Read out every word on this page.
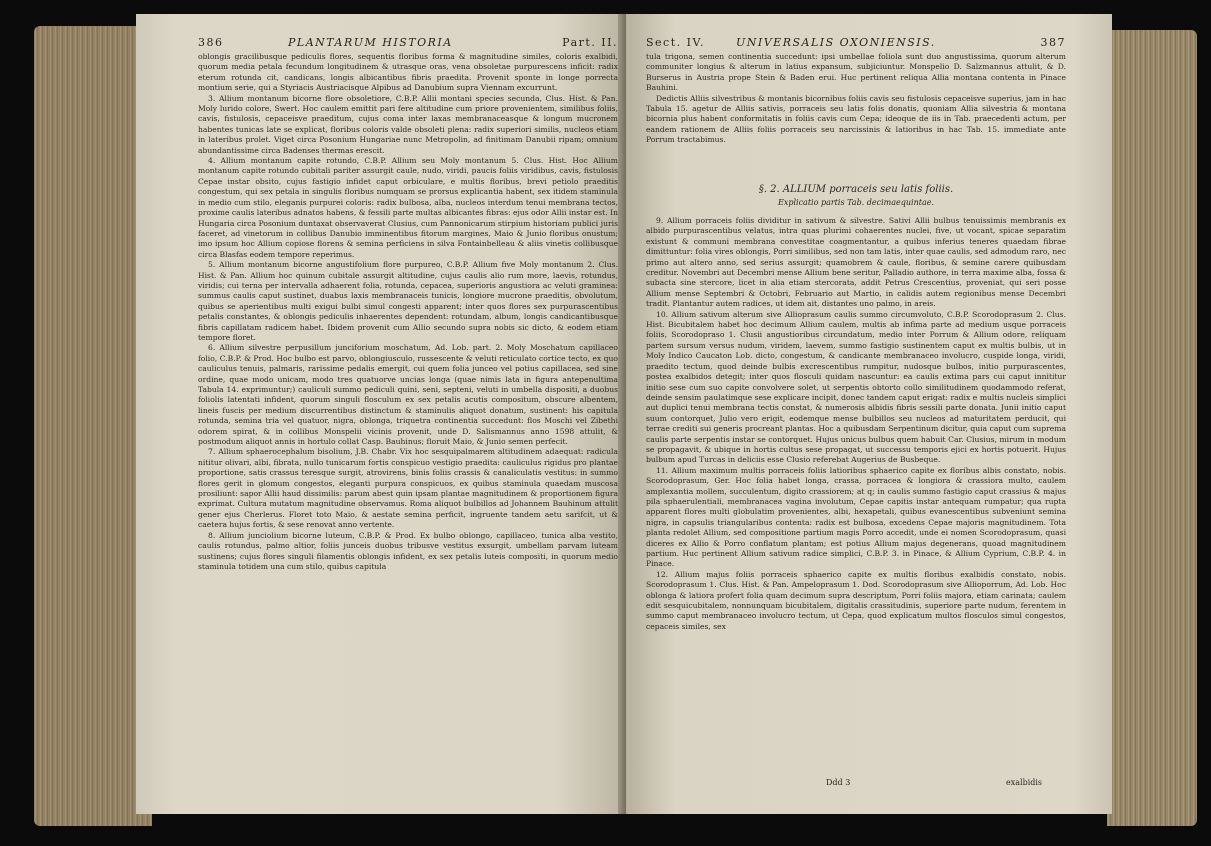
386	PLANTARUM HISTORIA	Part. II.

oblongis gracilibusque pediculis flores, sequentis floribus forma & magnitudine similes, coloris exalbidi, quorum media petala fecundum longitudinem & utrasque oras, vena obsoletae purpurescens inficit: radix eterum rotunda cit, candicans, longis albicantibus fibris praedita. Provenit sponte in longe porrecta montium serie, qui a Styriacis Austriacisque Alpibus ad Danubium supra Viennam excurrunt.

3. Allium montanum bicorne flore obsoletiore, C.B.P. Allii montani species secunda, Clus. Hist. & Pan. Moly lurido colore, Swert. Hoc caulem emittit pari fere altitudine cum priore provenientem, similibus foliis, cavis, fistulosis, cepaceisve praeditum, cujus coma inter laxas membranaceasque & longum mucronem habentes tunicas late se explicat, floribus coloris valde obsoleti plena: radix superiori similis, nucleos etiam in lateribus prolet. Viget circa Posonium Hungariae nunc Metropolin, ad finitimam Danubii ripam; omnium abundantissime circa Badenses thermas erescit.

4. Allium montanum capite rotundo, C.B.P. Allium seu Moly montanum 5. Clus. Hist. Hoc Allium montanum capite rotundo cubitali pariter assurgit caule, nudo, viridi, paucis foliis viridibus, cavis, fistulosis Cepae instar obsito, cujus fastigio infidet caput orbiculare, e multis floribus, brevi petiolo praeditis congestum, qui sex petala in singulis floribus numquam se prorsus explicantia habent, sex itidem staminula in medio cum stilo, eleganis purpurei coloris: radix bulbosa, alba, nucleos interdum tenui membrana tectos, proxime caulis lateribus adnatos habens, & fessili parte multas albicantes fibras: ejus odor Allii instar est. In Hungaria circa Posonium duntaxat observaverat Clusius, cum Pannonicarum stirpium historiam publici juris faceret, ad vinetorum in collibus Danubio imminentibus fitorum margines, Maio & Junio floribus onustum; imo ipsum hoc Allium copiose florens & semina perficiens in silva Fontainbelleau & aliis vinetis collibusque circa Blasfas eodem tempore reperimus.

5. Allium montanum bicorne angustifolium flore purpureo, C.B.P. Allium five Moly montanum 2. Clus. Hist. & Pan. Allium hoc quinum cubitale assurgit altitudine, cujus caulis alio rum more, laevis, rotundus, viridis; cui terna per intervalla adhaerent folia, rotunda, cepacea, superioris angustiora ac veluti graminea: summus caulis caput sustinet, duabus laxis membranaceis tunicis, longiore mucrone praeditis, obvolutum, quibus se aperientibus multi exigui bulbi simul congesti apparent; inter quos flores sex purpurascentibus petalis constantes, & oblongis pediculis inhaerentes dependent: rotundam, album, longis candicantibusque fibris capillatam radicem habet. Ibidem provenit cum Allio secundo supra nobis sic dicto, & eodem etiam tempore floret.

6. Allium silvestre perpusillum junciforium moschatum, Ad. Lob. part. 2. Moly Moschatum capillaceo folio, C.B.P. & Prod. Hoc bulbo est parvo, oblongiusculo, russescente & veluti reticulato cortice tecto, ex quo cauliculus tenuis, palmaris, rarissime pedalis emergit, cui quem folia junceo vel potius capillacea, sed sine ordine, quae modo unicam, modo tres quatuorve uncias longa (quae nimis lata in figura antepenultima Tabula 14. exprimuntur;) cauliculi summo pediculi quini, seni, septeni, veluti in umbella dispositi, a duobus foliolis latentati infident, quorum singuli flosculum ex sex petalis acutis compositum, obscure albentem, lineis fuscis per medium discurrentibus distinctum & staminulis aliquot donatum, sustinent: his capitula rotunda, semina tria vel quatuor, nigra, oblonga, triquetra continentia succedunt: flos Moschi vel Zibethi odorem spirat, & in collibus Monspelii vicinis provenit, unde D. Salismannus anno 1598 attulit, & postmodum aliquot annis in hortulo collat Casp. Bauhinus; floruit Maio, & Junio semen perfecit.

7. Allium sphaerocephalum bisolium, J.B. Chabr. Vix hoc sesquipalmarem altitudinem adaequat: radicula nititur olivari, albi, fibrata, nullo tunicarum fortis conspicuo vestigio praedita: cauliculus rigidus pro plantae proportione, satis crassus teresque surgit, atrovirens, binis foliis crassis & canaliculatis vestitus: in summo flores gerit in glomum congestos, eleganti purpura conspicuos, ex quibus staminula quaedam muscosa prosiliunt: sapor Allii haud dissimilis: parum abest quin ipsam plantae magnitudinem & proportionem figura exprimat. Cultura mutatum magnitudine observamus. Roma aliquot bulbillos ad Johannem Bauhinum attulit gener ejus Cherlerus. Floret toto Maio, & aestate semina perficit, ingruente tandem aetu sarifcit, ut & caetera hujus fortis, & sese renovat anno vertente.

8. Allium junciolium bicorne luteum, C.B.P. & Prod. Ex bulbo oblongo, capillaceo, tunica alba vestito, caulis rotundus, palmo altior, foliis junceis duobus tribusve vestitus exsurgit, umbellam parvam luteam sustinens; cujus flores singuli filamentis oblongis infident, ex sex petalis luteis compositi, in quorum medio staminula totidem una cum stilo, quibus capitula

Sect. IV.	UNIVERSALIS OXONIENSIS.	387

tula trigona, semen continentia succedunt: ipsi umbellae foliola sunt duo angustissima, quorum alterum communiter longius & alterum in latius expansum, subjiciuntur. Monspelio D. Salzmannus attulit, & D. Burserus in Austria prope Stein & Baden erui. Huc pertinent reliqua Allia montana contenta in Pinace Bauhini.

Dedictis Alliis silvestribus & montanis bicornibus foliis cavis seu fistulosis cepaceisve superius, jam in hac Tabula 15. agetur de Alliis sativis, porraceis seu latis folis donatis, quoniam Allia silvestria & montana bicornia plus habent conformitatis in foliis cavis cum Cepa; ideoque de iis in Tab. praecedenti actum, per eandem rationem de Alliis foliis porraceis seu narcissinis & latioribus in hac Tab. 15. immediate ante Porrum tractabimus.

§. 2. ALLIUM porraceis seu latis foliis.
Explicatio partis Tab. decimaequintae.

9. Allium porraceis foliis dividitur in sativum & silvestre. Sativi Allii bulbus tenuissimis membranis ex albido purpurascentibus velatus, intra quas plurimi cohaerentes nuclei, five, ut vocant, spicae separatim existunt & communi membrana convestitae coagmentantur, a quibus inferius teneres quaedam fibrae dimittuntur: folia vires oblongis, Porri similibus, sed non tam latis, inter quae caulis, sed admodum raro, nec primo aut altero anno, sed serius assurgit; quamobrem & caule, floribus, & semine carere quibusdam creditur. Novembri aut Decembri mense Allium bene seritur, Palladio authore, in terra maxime alba, fossa & subacta sine stercore, licet in alia etiam stercorata, addit Petrus Crescentius, proveniat, qui seri posse Allium mense Septembri & Octobri, Februario aut Martio, in calidis autem regionibus mense Decembri tradit. Plantantur autem radices, ut idem ait, distantes uno palmo, in areis.

10. Allium sativum alterum sive Allioprasum caulis summo circumvoluto, C.B.P. Scorodoprasum 2. Clus. Hist. Bicubitalem habet hoc decimum Allium caulem, multis ab infima parte ad medium usque porraceis foliis, Scorodopraso 1. Clusii angustioribus circundatum, medio inter Porrum & Allium odore, reliquam partem sursum versus nudum, viridem, laevem, summo fastigio sustinentem caput ex multis bulbis, ut in Moly Indico Caucaton Lob. dicto, congestum, & candicante membranaceo involucro, cuspide longa, viridi, praedito tectum, quod deinde bulbis excrescentibus rumpitur, nudosque bulbos, initio purpurascentes, postea exalbidos detegit; inter quos flosculi quidam nascuntur: ea caulis extima pars cui caput innititur initio sese cum suo capite convolvere solet, ut serpentis obtorto collo similitudinem quodammodo referat, deinde sensim paulatimque sese explicare incipit, donec tandem caput erigat: radix e multis nucleis simplici aut duplici tenui membrana tectis constat, & numerosis albidis fibris sessili parte donata. Junii initio caput suum contorquet, Julio vero erigit, eodemque mense bulbillos seu nucleos ad maturitatem perducit, qui terrae crediti sui generis procreant plantas. Hoc a quibusdam Serpentinum dicitur, quia caput cum suprema caulis parte serpentis instar se contorquet. Hujus unicus bulbus quem habuit Car. Clusius, mirum in modum se propagavit, & ubique in hortis cultus sese propagat, ut successu temporis ejici ex hortis potuerit. Hujus bulbum apud Turcas in deliciis esse Clusio referebat Augerius de Busbeque.

11. Allium maximum multis porraceis foliis latioribus sphaerico capite ex floribus albis constato, nobis. Scorodoprasum, Ger. Hoc folia habet longa, crassa, porracea & longiora & crassiora multo, caulem amplexantia mollem, succulentum, digito crassiorem; at q; in caulis summo fastigio caput crassius & majus pila sphaerulentiali, membranacea vagina involutum, Cepae capitis instar antequam rumpatur; qua rupta apparent flores multi globulatim provenientes, albi, hexapetali, quibus evanescentibus subveniunt semina nigra, in capsulis triangularibus contenta: radix est bulbosa, excedens Cepae majoris magnitudinem. Tota planta redolet Allium, sed compositione partium magis Porro accedit, unde ei nomen Scorodoprasum, quasi diceres ex Allio & Porro conflatum plantam; est potius Allium majus degenerans, quoad magnitudinem partium. Huc pertinent Allium sativum radice simplici, C.B.P. 3. in Pinace, & Allium Cyprium, C.B.P. 4. in Pinace.

12. Allium majus foliis porraceis sphaerico capite ex multis floribus exalbidis constato, nobis. Scorodoprasum 1. Clus. Hist. & Pan. Ampeloprasum 1. Dod. Scorodoprasum sive Allioporrum, Ad. Lob. Hoc oblonga & latiora profert folia quam decimum supra descriptum, Porri foliis majora, etiam carinata; caulem edit sesquicubitalem, nonnunquam bicubitalem, digitalis crassitudinis, superiore parte nudum, ferentem in summo caput membranaceo involucro tectum, ut Cepa, quod explicatum multos flosculos simul congestos, cepaceis similes, sex

Ddd 3	exalbidis
